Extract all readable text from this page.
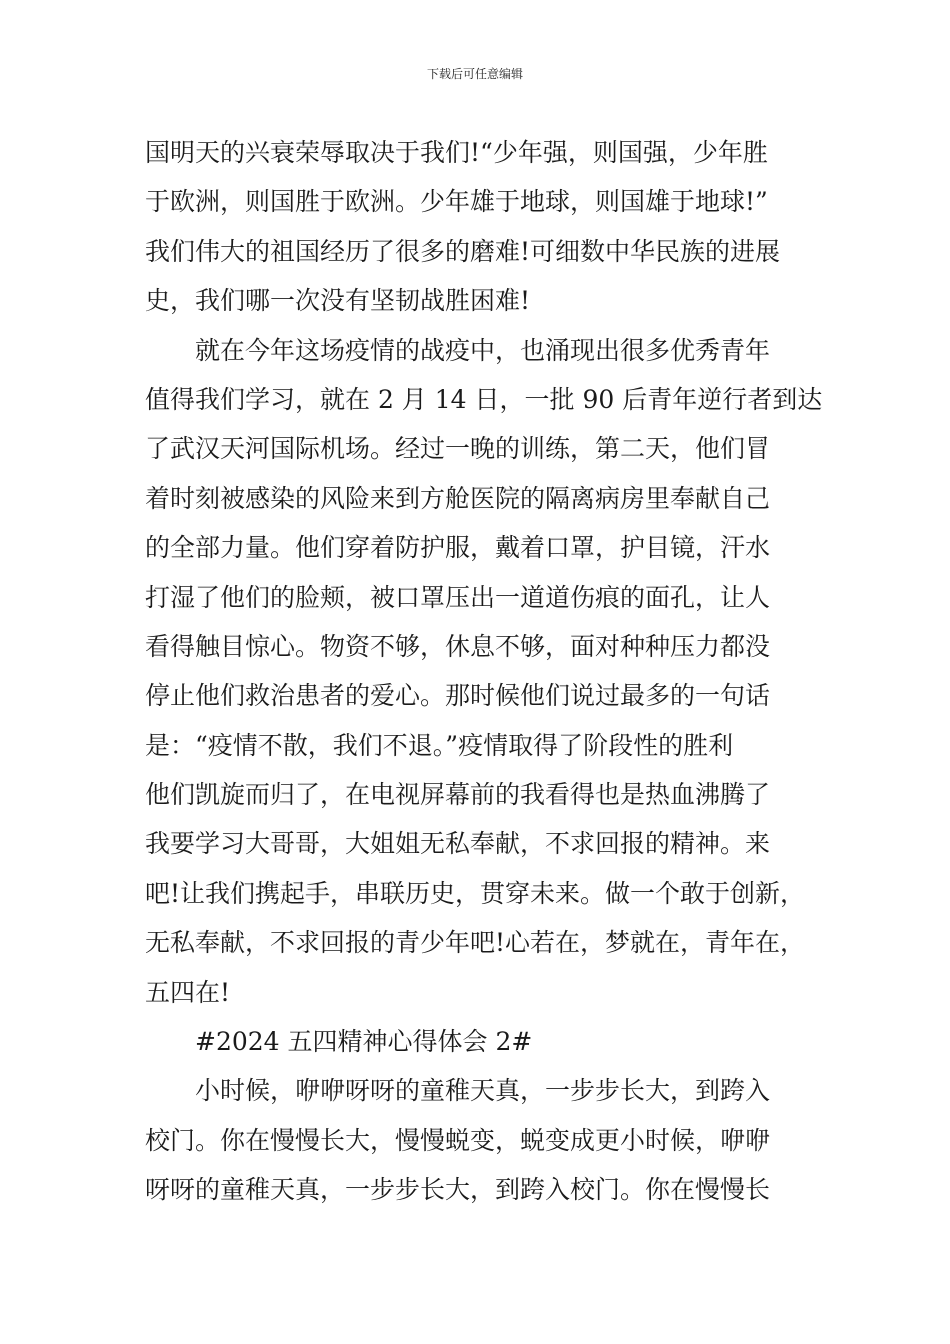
下载后可任意编辑
国明天的兴衰荣辱取决于我们!“少年强，则国强，少年胜
于欧洲，则国胜于欧洲。少年雄于地球，则国雄于地球!”
我们伟大的祖国经历了很多的磨难!可细数中华民族的进展
史，我们哪一次没有坚韧战胜困难!
就在今年这场疫情的战疫中，也涌现出很多优秀青年
值得我们学习，就在 2 月 14 日，一批 90 后青年逆行者到达
了武汉天河国际机场。经过一晚的训练，第二天，他们冒
着时刻被感染的风险来到方舱医院的隔离病房里奉献自己
的全部力量。他们穿着防护服，戴着口罩，护目镜，汗水
打湿了他们的脸颊，被口罩压出一道道伤痕的面孔，让人
看得触目惊心。物资不够，休息不够，面对种种压力都没
停止他们救治患者的爱心。那时候他们说过最多的一句话
是：“疫情不散，我们不退。”疫情取得了阶段性的胜利
他们凯旋而归了，在电视屏幕前的我看得也是热血沸腾了
我要学习大哥哥，大姐姐无私奉献，不求回报的精神。来
吧!让我们携起手，串联历史，贯穿未来。做一个敢于创新，
无私奉献，不求回报的青少年吧!心若在，梦就在，青年在，
五四在!
#2024 五四精神心得体会 2#
小时候，咿咿呀呀的童稚天真，一步步长大，到跨入
校门。你在慢慢长大，慢慢蜕变，蜕变成更小时候，咿咿
呀呀的童稚天真，一步步长大，到跨入校门。你在慢慢长
